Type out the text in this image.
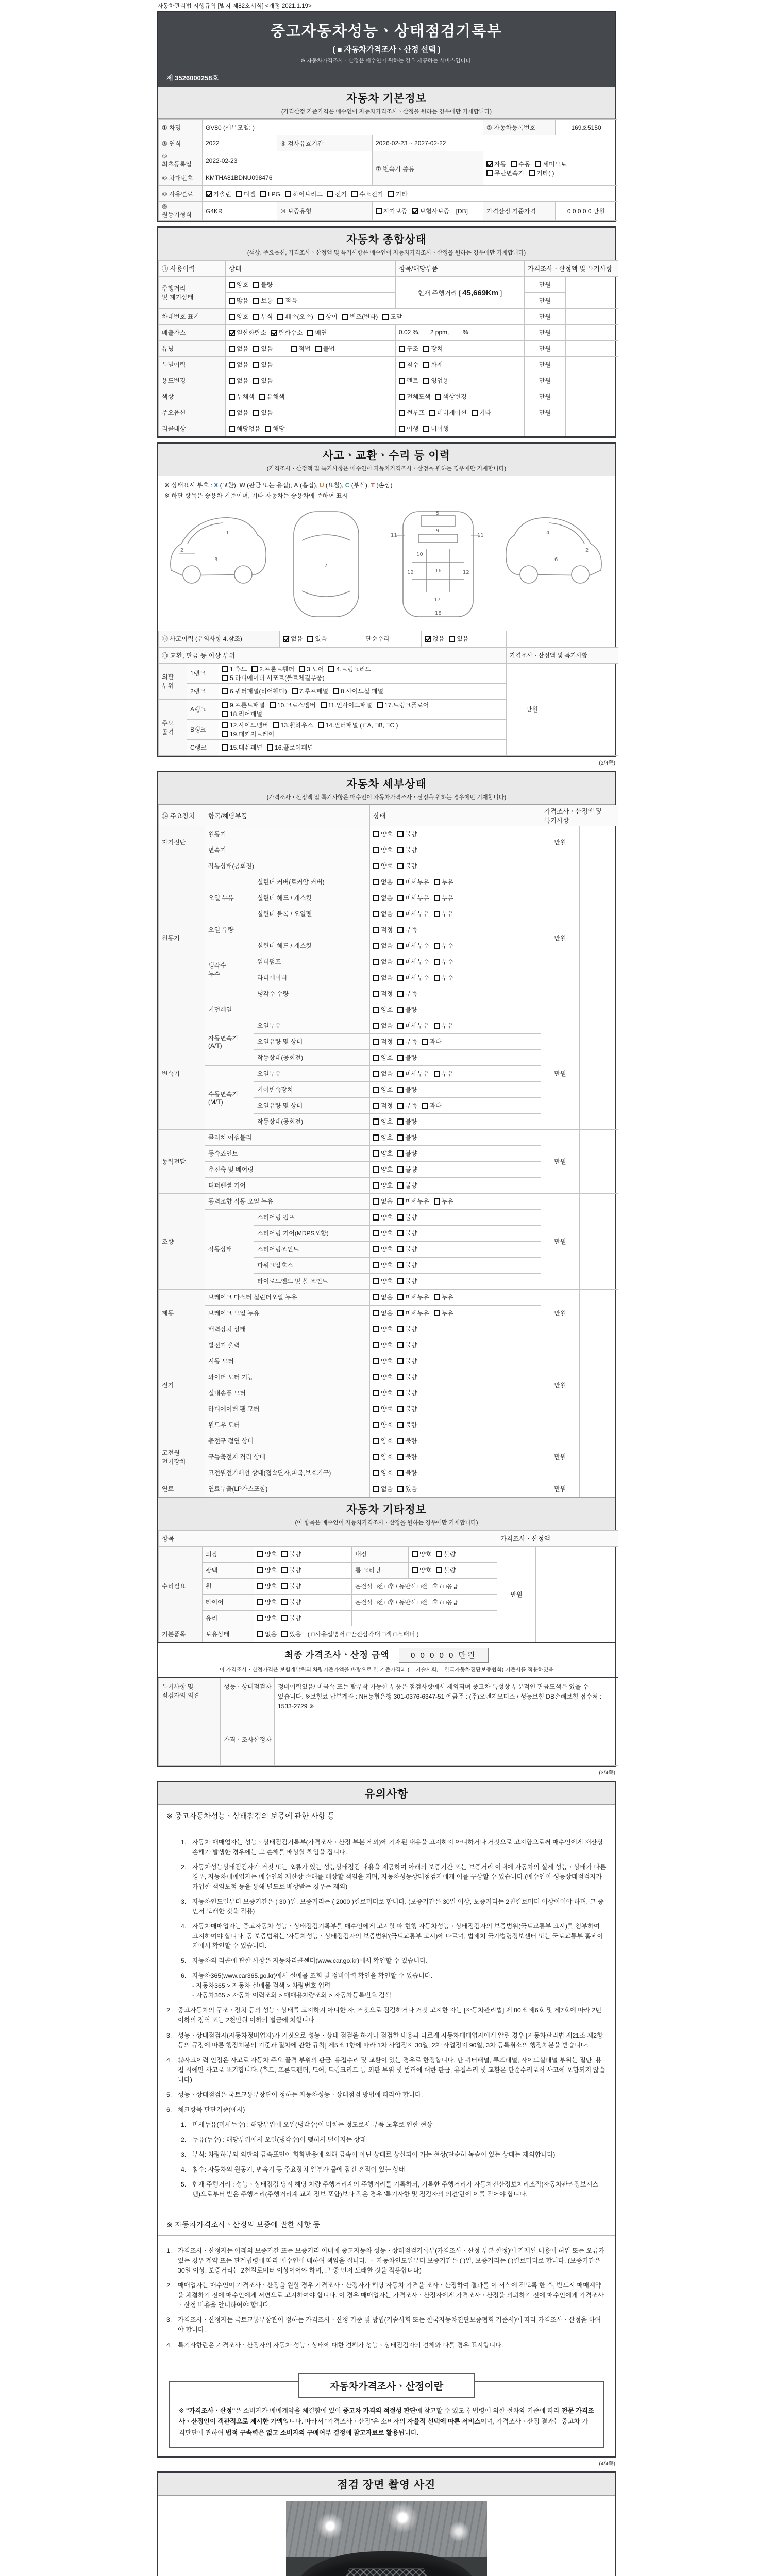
자동차관리법 시행규칙 [별지 제82호서식] <개정 2021.1.19>
중고자동차성능ㆍ상태점검기록부
( ■ 자동차가격조사ㆍ산정 선택 )
※ 자동차가격조사ㆍ산정은 매수인이 원하는 경우 제공하는 서비스입니다.
제 3526000258호
자동차 기본정보
(가격산정 기준가격은 매수인이 자동차가격조사ㆍ산정을 원하는 경우에만 기재합니다)
① 차명	GV80 (세부모델: )			② 자동차등록번호	169호5150
③ 연식	2022	④ 검사유효기간	2026-02-23 ~ 2027-02-22		
⑤ 최초등록일	2022-02-23		⑦ 변속기 종류	자동 수동 세미오토
무단변속기 기타( )	
⑥ 차대번호	KMTHA81BDNU098476				
⑧ 사용연료	가솔린 디젤 LPG 하이브리드 전기 수소전기 기타				
⑨ 원동기형식	G4KR	⑩ 보증유형	자가보증 보험사보증 [DB]	가격산정 기준가격	0 0 0 0 0 만원
자동차 종합상태
(색상, 주요옵션, 가격조사ㆍ산정액 및 특기사항은 매수인이 자동차가격조사ㆍ산정을 원하는 경우에만 기재합니다)
⑪ 사용이력	상태	항목/해당부품	가격조사ㆍ산정액 및 특기사항	
주행거리
및 계기상태	양호 불량	현재 주행거리 [ 45,669Km ]	만원	
	많음 보통 적음		만원	
차대번호 표기	양호 부식 훼손(오손) 상이 변조(변타) 도말		만원	
배출가스	일산화탄소 탄화수소 매연	0.02 %,      2 ppm,        %	만원	
튜닝	없음 있음 적법 불법	구조 장치	만원	
특별이력	없음 있음	침수 화재	만원	
용도변경	없음 있음	렌트 영업용	만원	
색상	무채색 유채색	전체도색 색상변경	만원	
주요옵션	없음 있음	썬루프 네비게이션 기타	만원	
리콜대상	해당없음 해당	이행 미이행		
사고ㆍ교환ㆍ수리 등 이력
(가격조사ㆍ산정액 및 특기사항은 매수인이 자동차가격조사ㆍ산정을 원하는 경우에만 기재합니다)
※ 상태표시 부호 : X (교환), W (판금 또는 용접), A (흠집), U (요철), C (부식), T (손상)
※ 하단 항목은 승용차 기준이며, 기타 자동차는 승용차에 준하여 표시
1
2
3
7
5
9
11	11
12	12
16
17
18
10
2
4
6
⑫ 사고이력 (유의사항 4.참조)	없음 있음	단순수리	없음 있음	
⑬ 교환, 판금 등 이상 부위			가격조사ㆍ산정액 및 특기사항	
외판
부위	1랭크	1.후드 2.프론트휀더 3.도어 4.트렁크리드
5.라디에이터 서포트(볼트체결부품)	만원	
	2랭크	6.쿼터패널(리어휀다) 7.루프패널 8.사이드실 패널		
주요
골격	A랭크	9.프론트패널 10.크로스멤버 11.인사이드패널 17.트렁크플로어
18.리어패널		
	B랭크	12.사이드멤버 13.휠하우스 14.필러패널 ( □A, □B, □C )
19.패키지트레이		
	C랭크	15.대쉬패널 16.플로어패널		
(2/4쪽)
자동차 세부상태
(가격조사ㆍ산정액 및 특기사항은 매수인이 자동차가격조사ㆍ산정을 원하는 경우에만 기재합니다)
⑭ 주요장치	항목/해당부품		상태	가격조사ㆍ산정액 및 특기사항	
자기진단	원동기		양호 불량	만원	
	변속기		양호 불량		
원동기	작동상태(공회전)		양호 불량	만원	
	오일 누유	실린더 커버(로커암 커버)	없음 미세누유 누유		
		실린더 헤드 / 개스킷	없음 미세누유 누유		
		실린더 블록 / 오일팬	없음 미세누유 누유		
	오일 유량		적정 부족		
	냉각수
누수	실린더 헤드 / 개스킷	없음 미세누수 누수		
		워터펌프	없음 미세누수 누수		
		라디에이터	없음 미세누수 누수		
		냉각수 수량	적정 부족		
	커먼레일		양호 불량		
변속기	자동변속기
(A/T)	오일누유	없음 미세누유 누유	만원	
		오일유량 및 상태	적정 부족 과다		
		작동상태(공회전)	양호 불량		
	수동변속기
(M/T)	오일누유	없음 미세누유 누유		
		기어변속장치	양호 불량		
		오일유량 및 상태	적정 부족 과다		
		작동상태(공회전)	양호 불량		
동력전달	클러치 어셈블리		양호 불량	만원	
	등속죠인트		양호 불량		
	추진축 및 베어링		양호 불량		
	디퍼렌셜 기어		양호 불량		
조향	동력조향 작동 오일 누유		없음 미세누유 누유	만원	
	작동상태	스티어링 펌프	양호 불량		
		스티어링 기어(MDPS포함)	양호 불량		
		스티어링조인트	양호 불량		
		파워고압호스	양호 불량		
		타이로드엔드 및 볼 조인트	양호 불량		
제동	브레이크 마스터 실린더오일 누유		없음 미세누유 누유	만원	
	브레이크 오일 누유		없음 미세누유 누유		
	배력장치 상태		양호 불량		
전기	발전기 출력		양호 불량	만원	
	시동 모터		양호 불량		
	와이퍼 모터 기능		양호 불량		
	실내송풍 모터		양호 불량		
	라디에이터 팬 모터		양호 불량		
	윈도우 모터		양호 불량		
고전원
전기장치	충전구 절연 상태		양호 불량	만원	
	구동축전지 격리 상태		양호 불량		
	고전원전기배선 상태(접속단자,피복,보호기구)		양호 불량		
연료	연료누출(LP가스포함)		없음 있음	만원	
자동차 기타정보
(이 항목은 매수인이 자동차가격조사ㆍ산정을 원하는 경우에만 기재합니다)
항목					가격조사ㆍ산정액	
수리필요	외장	양호 불량	내장	양호 불량	만원	
	광택	양호 불량	룸 크리닝	양호 불량		
	휠	양호 불량	운전석 □전 □후 / 동반석 □전 □후 / □응급			
	타이어	양호 불량	운전석 □전 □후 / 동반석 □전 □후 / □응급			
	유리	양호 불량				
기본품목	보유상태	없음 있음 ( □사용설명서 □안전삼각대 □잭 □스패너 )				
최종 가격조사ㆍ산정 금액	0 0 0 0 0 만원
이 가격조사ㆍ산정가격은 보험개발원의 차량기준가액을 바탕으로 한 기준가격과 ( □ 기술사회, □ 한국자동차진단보증협회) 기준서를 적용하였음
특기사항 및
점검자의 의견	성능ㆍ상태점검자	정비이력있음/ 비금속 또는 탈부착 가능한 부품은 점검사항에서 제외되며 중고차 특성상 부분적인 판금도색은 있을 수 있습니다. ※보험료 납부계좌 : NH농협은행 301-0376-6347-51 예금주 : (주)오렌지모터스 / 성능보험 DB손해보험 접수처 : 1533-2729 ※
	가격ㆍ조사산정자	
(3/4쪽)
유의사항
※ 중고자동차성능ㆍ상태점검의 보증에 관한 사항 등
1. 자동차 매매업자는 성능ㆍ상태점검기록부(가격조사ㆍ산정 부분 제외)에 기재된 내용을 고지하지 아니하거나 거짓으로 고지함으로써 매수인에게 재산상 손해가 발생한 경우에는 그 손해를 배상할 책임을 집니다.
2. 자동차성능상태점검자가 거짓 또는 오류가 있는 성능상태점검 내용을 제공하여 아래의 보증기간 또는 보증거리 이내에 자동차의 실제 성능ㆍ상태가 다른 경우, 자동차매매업자는 매수인의 재산상 손해를 배상할 책임을 지며, 자동차성능상태점검자에게 이를 구상할 수 있습니다.(매수인이 성능상태점검자가 가입한 책임보험 등을 통해 별도로 배상받는 경우는 제외)
3. 자동차인도일부터 보증기간은 ( 30 )일, 보증거리는 ( 2000 )킬로미터로 합니다. (보증기간은 30일 이상, 보증거리는 2천킬로미터 이상이어야 하며, 그 중 먼저 도래한 것을 적용)
4. 자동차매매업자는 중고자동차 성능ㆍ상태점검기록부를 매수인에게 고지할 때 현행 자동차성능ㆍ상태점검자의 보증범위(국토교통부 고시)를 첨부하여 고지하여야 합니다. 동 보증범위는 '자동차성능ㆍ상태점검자의 보증범위'(국토교통부 고시)에 따르며, 법제처 국가법령정보센터 또는 국토교통부 홈페이지에서 확인할 수 있습니다.
5. 자동차의 리콜에 관한 사항은 자동차리콜센터(www.car.go.kr)에서 확인할 수 있습니다.
6. 자동차365(www.car365.go.kr)에서 실매물 조회 및 정비이력 확인을 확인할 수 있습니다.
- 자동차365 > 자동차 실매물 검색 > 차량번호 입력
- 자동차365 > 자동차 이력조회 > 매매용차량조회 > 자동차등록번호 검색
2. 중고자동차의 구조ㆍ장치 등의 성능ㆍ상태를 고지하지 아니한 자, 거짓으로 점검하거나 거짓 고지한 자는 [자동차관리법] 제 80조 제6호 및 제7호에 따라 2년 이하의 징역 또는 2천만원 이하의 벌금에 처합니다.
3. 성능ㆍ상태점검자(자동차정비업자)가 거짓으로 성능ㆍ상태 점검을 하거나 점검한 내용과 다르게 자동차매매업자에게 알린 경우 [자동차관리법 제21조 제2항 등의 규정에 따른 행정처분의 기준과 절차에 관한 규칙] 제5조 1항에 따라 1차 사업정지 30일, 2차 사업정지 90일, 3차 등록취소의 행정처분을 받습니다.
4. ⑫사고이력 인정은 사고로 자동차 주요 골격 부위의 판금, 용접수리 및 교환이 있는 경우로 한정합니다. 단 쿼터패널, 루프패널, 사이드실패널 부위는 절단, 용접 시에만 사고로 표기합니다. (후드, 프론트펜더, 도어, 트렁크리드 등 외판 부위 및 범퍼에 대한 판금, 용접수리 및 교환은 단순수리로서 사고에 포함되지 않습니다)
5. 성능ㆍ상태점검은 국토교통부장관이 정하는 자동차성능ㆍ상태점검 방법에 따라야 합니다.
6. 체크항목 판단기준(예시)
1. 미세누유(미세누수) : 해당부위에 오일(냉각수)이 비치는 정도로서 부품 노후로 인한 현상
2. 누유(누수) : 해당부위에서 오일(냉각수)이 맺혀서 떨어지는 상태
3. 부식: 차량하부와 외판의 금속표면이 화학반응에 의해 금속이 아닌 상태로 상실되어 가는 현상(단순히 녹슬어 있는 상태는 제외합니다)
4. 침수: 자동차의 원동기, 변속기 등 주요장치 일부가 물에 잠긴 흔적이 있는 상태
5. 현재 주행거리 : 성능ㆍ상태점검 당시 해당 차량 주행거리계의 주행거리를 기록하되, 기록한 주행거리가 자동차전산정보처리조직(자동차관리정보시스템)으로부터 받은 주행거리(주행거리계 교체 정보 포함)보다 적은 경우 '특기사항 및 점검자의 의견'란에 이를 적어야 합니다.
※ 자동차가격조사ㆍ산정의 보증에 관한 사항 등
1. 가격조사ㆍ산정자는 아래의 보증기간 또는 보증거리 이내에 중고자동차 성능ㆍ상태점검기록부(가격조사ㆍ산정 부분 한정)에 기재된 내용에 허위 또는 오류가 있는 경우 계약 또는 관계법령에 따라 매수인에 대하여 책임을 집니다. ㆍ 자동차인도일부터 보증기간은 ( )일, 보증거리는 ( )킬로미터로 합니다. (보증기간은 30일 이상, 보증거리는 2천킬로미터 이상이어야 하며, 그 중 먼저 도래한 것을 적용합니다)
2. 매매업자는 매수인이 가격조사ㆍ산정을 원할 경우 가격조사ㆍ산정자가 해당 자동차 가격을 조사ㆍ산정하여 결과를 이 서식에 적도록 한 후, 반드시 매매계약을 체결하기 전에 매수인에게 서면으로 고지하여야 합니다. 이 경우 매매업자는 가격조사ㆍ산정자에게 가격조사ㆍ산정을 의뢰하기 전에 매수인에게 가격조사ㆍ산정 비용을 안내하여야 합니다.
3. 가격조사ㆍ산정자는 국토교통부장관이 정하는 가격조사ㆍ산정 기준 및 방법(기술사회 또는 한국자동차진단보증협회 기준서)에 따라 가격조사ㆍ산정을 하여야 합니다.
4. 특기사항란은 가격조사ㆍ산정자의 자동차 성능ㆍ상태에 대한 견해가 성능ㆍ상태점검자의 견해와 다를 경우 표시합니다.
자동차가격조사ㆍ산정이란
※ "가격조사ㆍ산정"은 소비자가 매매계약을 체결함에 있어 중고차 가격의 적절성 판단에 참고할 수 있도록 법령에 의한 절차와 기준에 따라 전문 가격조사ㆍ산정인이 객관적으로 제시한 가액입니다. 따라서 "가격조사ㆍ산정"은 소비자의 자율적 선택에 따른 서비스이며, 가격조사ㆍ산정 결과는 중고차 가격판단에 관하여 법적 구속력은 없고 소비자의 구매여부 결정에 참고자료로 활용됩니다.
(4/4쪽)
점검 장면 촬영 사진
